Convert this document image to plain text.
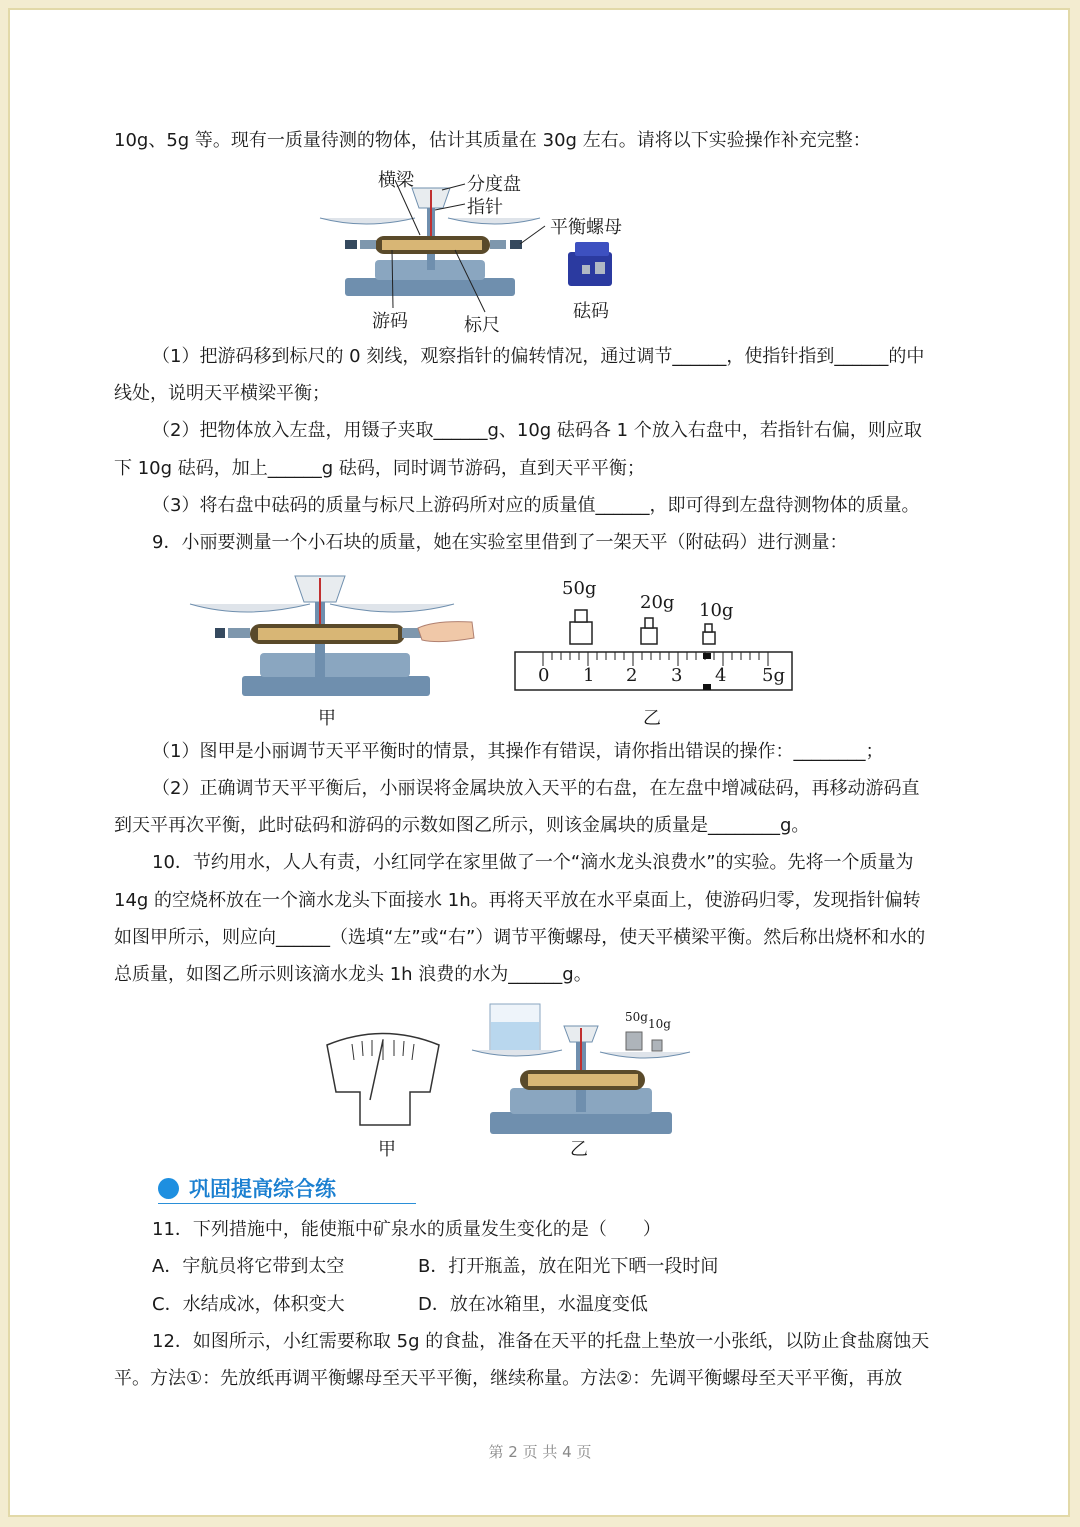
10g、5g 等。现有一质量待测的物体，估计其质量在 30g 左右。请将以下实验操作补充完整：
（1）把游码移到标尺的 0 刻线，观察指针的偏转情况，通过调节______，使指针指到______的中
线处，说明天平横梁平衡；
（2）把物体放入左盘，用镊子夹取______g、10g 砝码各 1 个放入右盘中，若指针右偏，则应取
下 10g 砝码，加上______g 砝码，同时调节游码，直到天平平衡；
（3）将右盘中砝码的质量与标尺上游码所对应的质量值______，即可得到左盘待测物体的质量。
9．小丽要测量一个小石块的质量，她在实验室里借到了一架天平（附砝码）进行测量：
（1）图甲是小丽调节天平平衡时的情景，其操作有错误，请你指出错误的操作：________；
（2）正确调节天平平衡后，小丽误将金属块放入天平的右盘，在左盘中增减砝码，再移动游码直
到天平再次平衡，此时砝码和游码的示数如图乙所示，则该金属块的质量是________g。
10．节约用水，人人有责，小红同学在家里做了一个“滴水龙头浪费水”的实验。先将一个质量为
14g 的空烧杯放在一个滴水龙头下面接水 1h。再将天平放在水平桌面上，使游码归零，发现指针偏转
如图甲所示，则应向______（选填“左”或“右”）调节平衡螺母，使天平横梁平衡。然后称出烧杯和水的
总质量，如图乙所示则该滴水龙头 1h 浪费的水为______g。
11．下列措施中，能使瓶中矿泉水的质量发生变化的是（　　）
A．宇航员将它带到太空	B．打开瓶盖，放在阳光下晒一段时间
C．水结成冰，体积变大	D．放在冰箱里，水温度变低
12．如图所示，小红需要称取 5g 的食盐，准备在天平的托盘上垫放一小张纸，以防止食盐腐蚀天
平。方法①：先放纸再调平衡螺母至天平平衡，继续称量。方法②：先调平衡螺母至天平平衡，再放
横梁	分度盘
指针
平衡螺母
游码	标尺
砝码
甲
50g
20g 10g
0 1 2 3 4 5g
乙
甲
50g 10g
乙
巩固提高综合练
第 2 页 共 4 页
